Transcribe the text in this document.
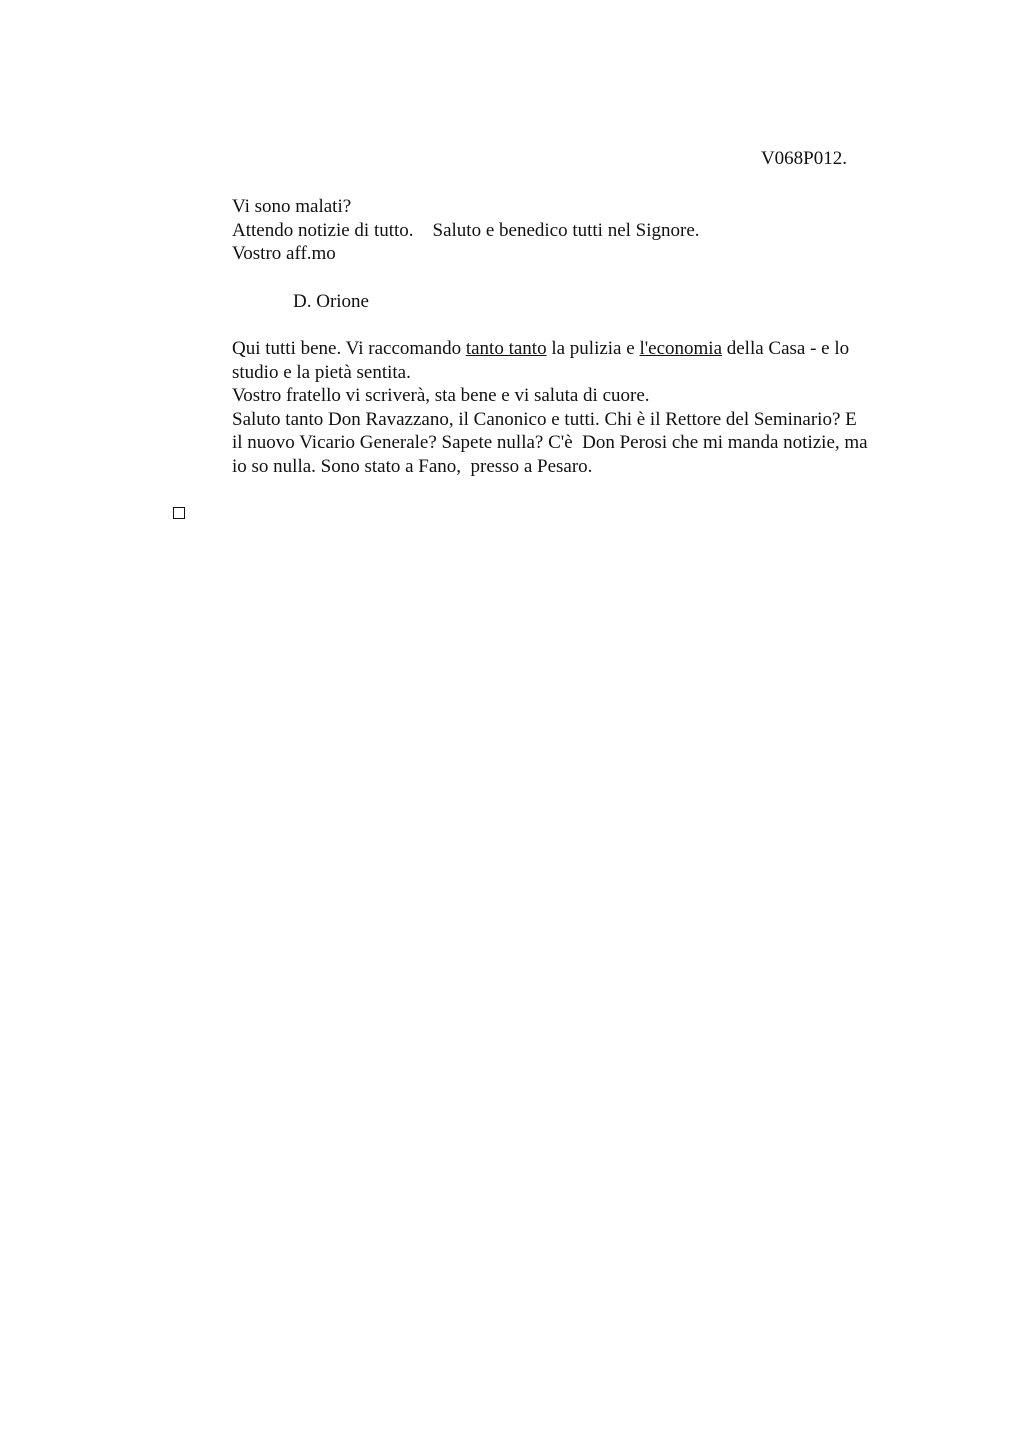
V068P012.
Vi sono malati?
Attendo notizie di tutto.    Saluto e benedico tutti nel Signore.
Vostro aff.mo
D. Orione
Qui tutti bene. Vi raccomando tanto tanto la pulizia e l'economia della Casa - e lo
studio e la pietà sentita.
Vostro fratello vi scriverà, sta bene e vi saluta di cuore.
Saluto tanto Don Ravazzano, il Canonico e tutti. Chi è il Rettore del Seminario? E
il nuovo Vicario Generale? Sapete nulla? C'è  Don Perosi che mi manda notizie, ma
io so nulla. Sono stato a Fano,  presso a Pesaro.
